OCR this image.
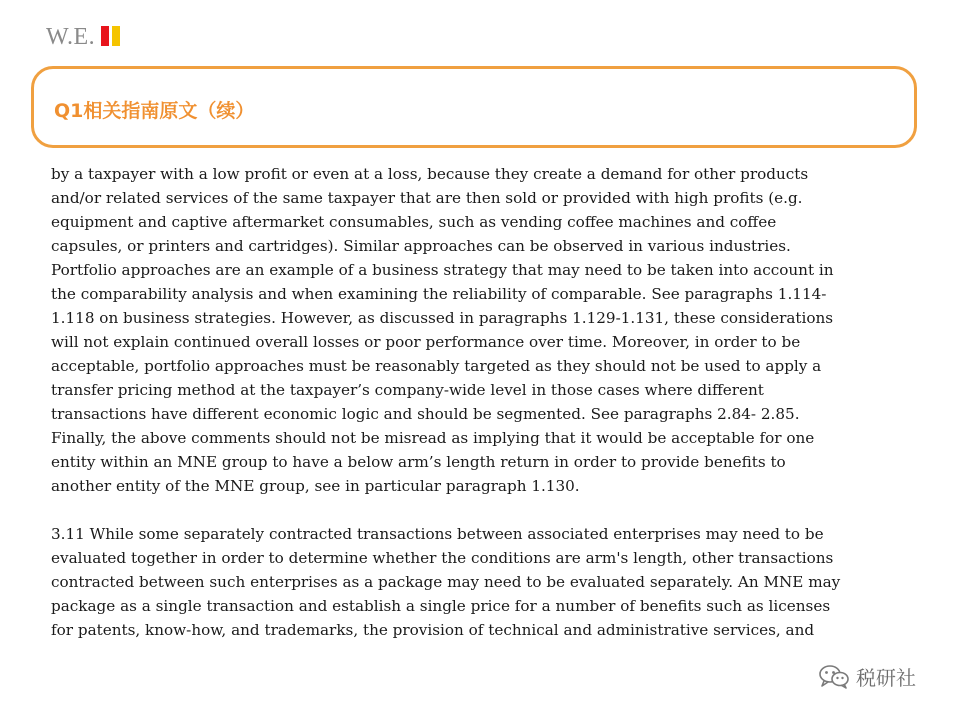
W.E.
Q1相关指南原文（续）

by a taxpayer with a low profit or even at a loss, because they create a demand for other products

and/or related services of the same taxpayer that are then sold or provided with high profits (e.g.

equipment and captive aftermarket consumables, such as vending coffee machines and coffee

capsules, or printers and cartridges). Similar approaches can be observed in various industries.

Portfolio approaches are an example of a business strategy that may need to be taken into account in

the comparability analysis and when examining the reliability of comparable. See paragraphs 1.114-

1.118 on business strategies. However, as discussed in paragraphs 1.129-1.131, these considerations

will not explain continued overall losses or poor performance over time. Moreover, in order to be

acceptable, portfolio approaches must be reasonably targeted as they should not be used to apply a

transfer pricing method at the taxpayer’s company-wide level in those cases where different

transactions have different economic logic and should be segmented. See paragraphs 2.84- 2.85.

Finally, the above comments should not be misread as implying that it would be acceptable for one

entity within an MNE group to have a below arm’s length return in order to provide benefits to

another entity of the MNE group, see in particular paragraph 1.130.

3.11 While some separately contracted transactions between associated enterprises may need to be

evaluated together in order to determine whether the conditions are arm's length, other transactions

contracted between such enterprises as a package may need to be evaluated separately. An MNE may

package as a single transaction and establish a single price for a number of benefits such as licenses

for patents, know-how, and trademarks, the provision of technical and administrative services, and

税研社
